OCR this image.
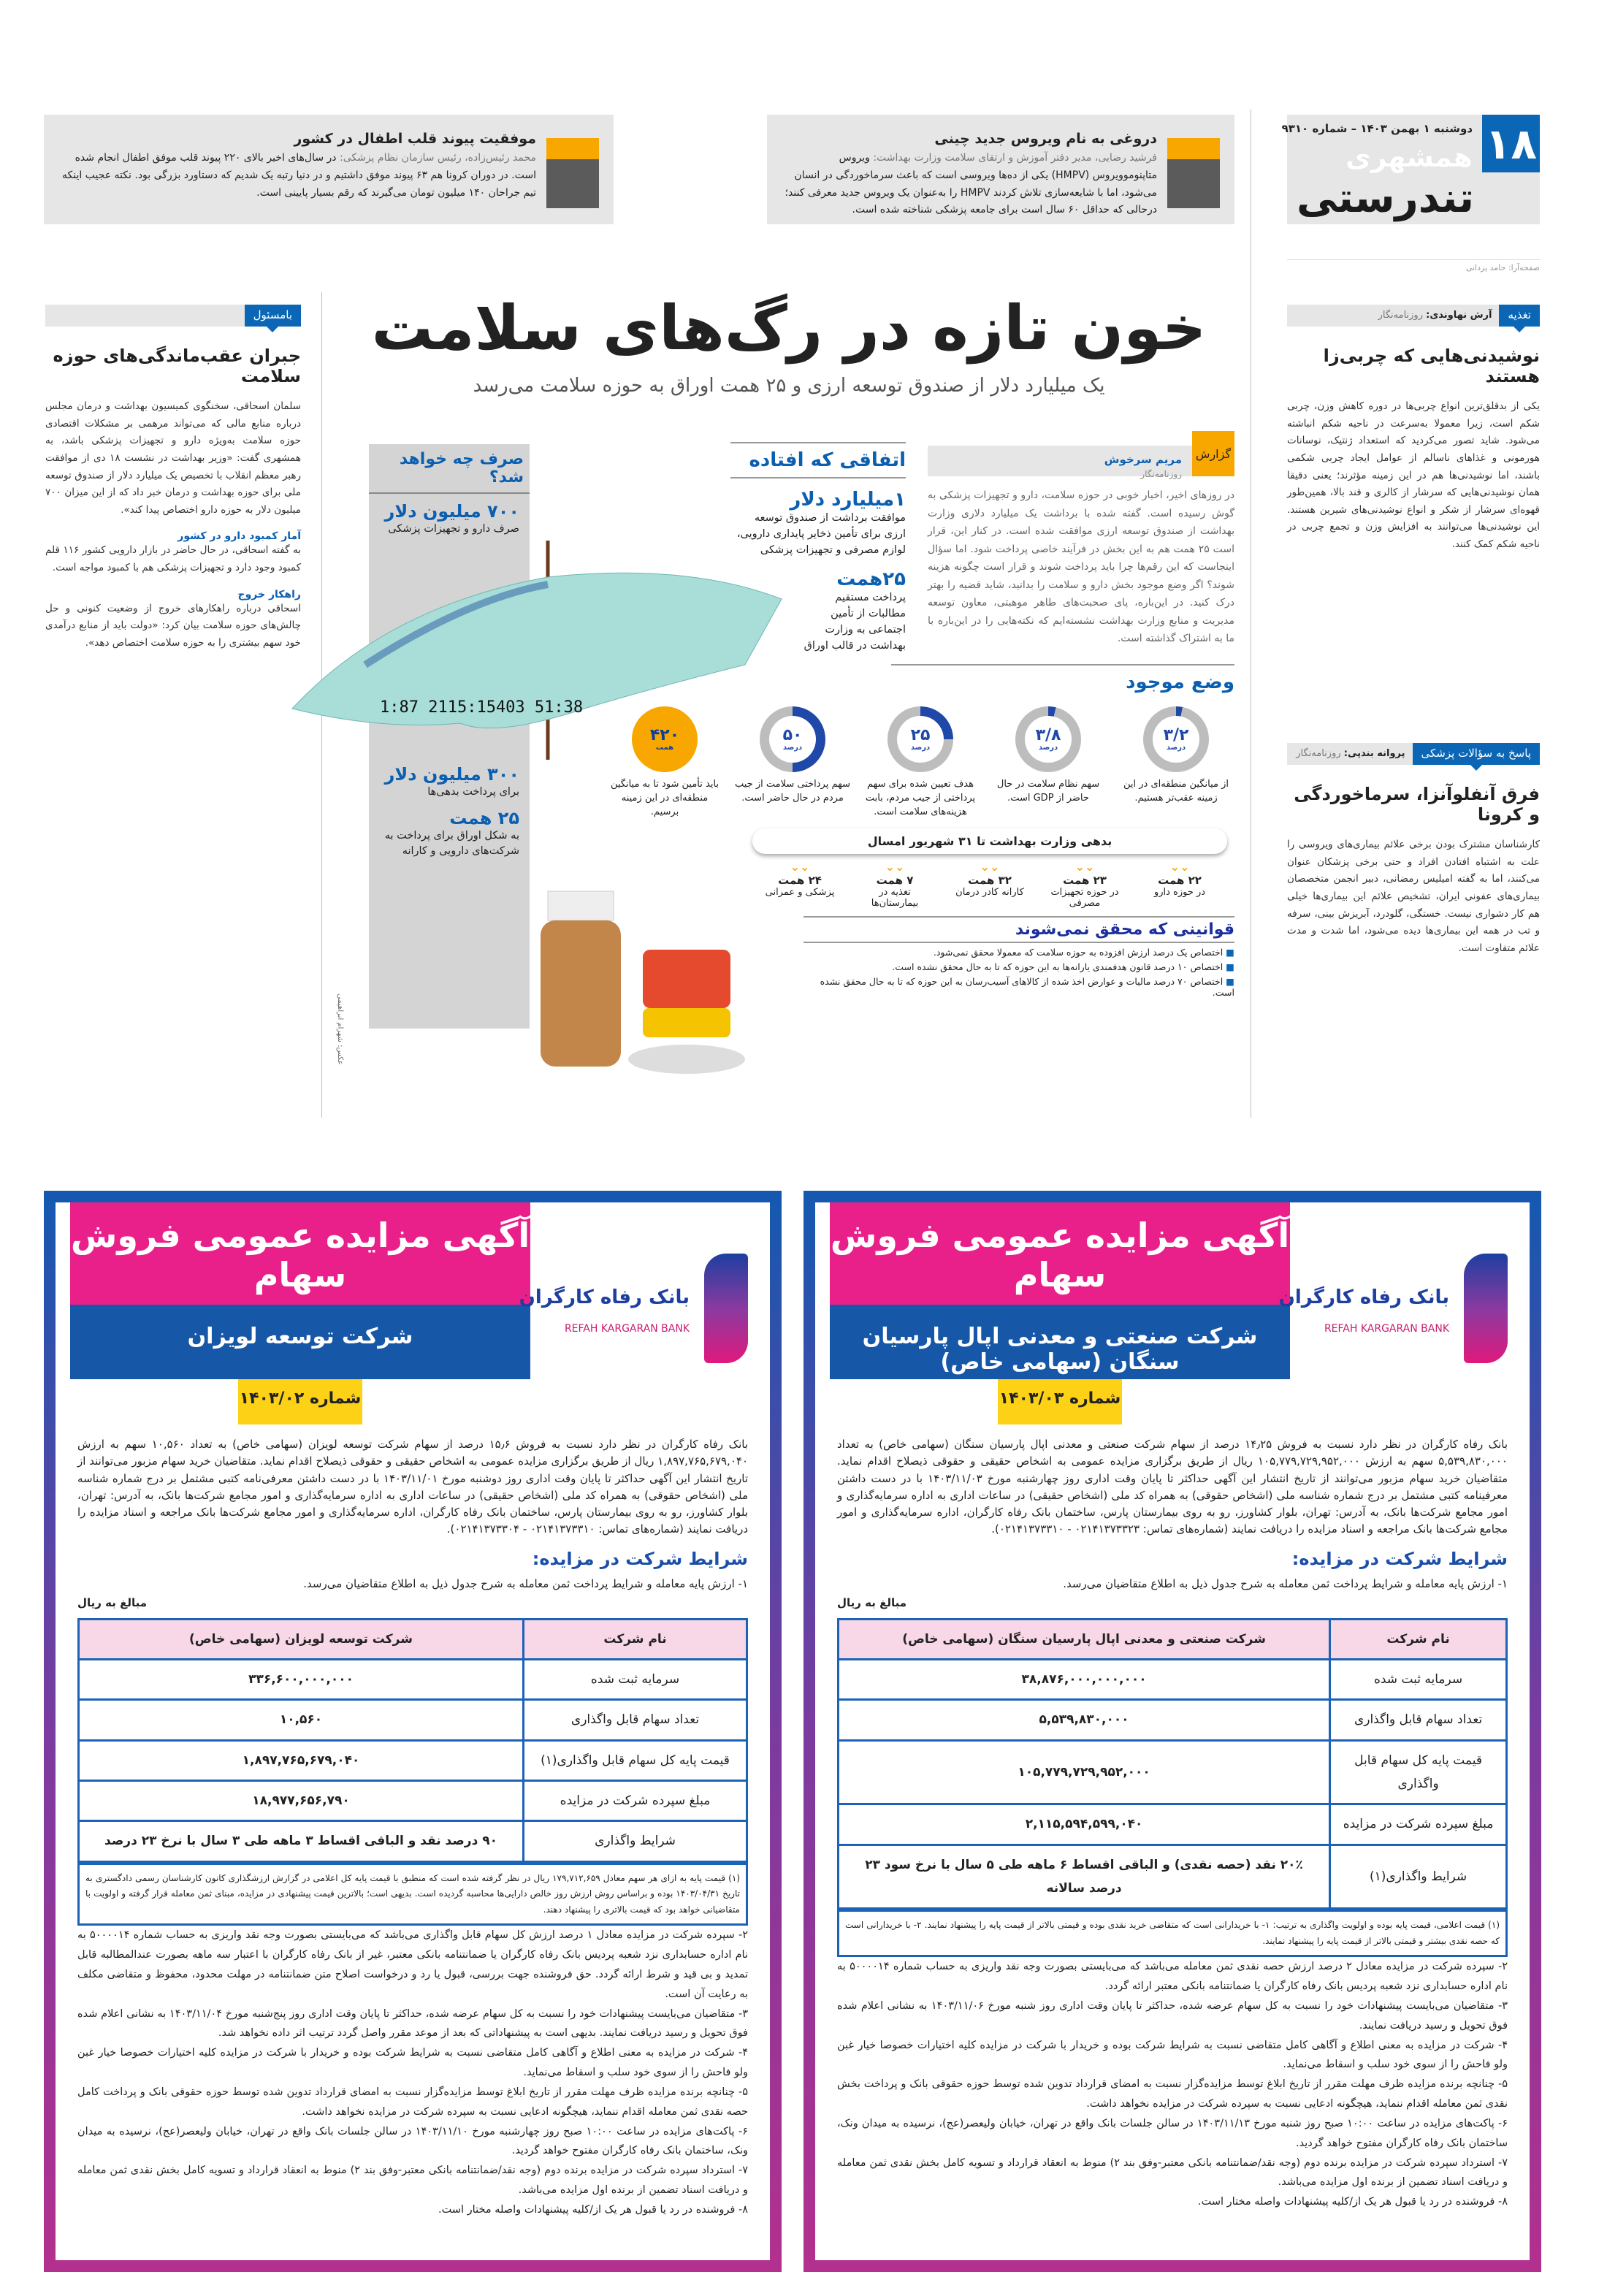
۱۸
دوشنبه ۱ بهمن ۱۴۰۳ – شماره ۹۳۱۰
همشهری
تندرستی
صفحه‌آرا: حامد یزدانی
دروغی به نام ویروس جدید چینی

فرشید رضایی، مدیر دفتر آموزش و ارتقای سلامت وزارت بهداشت: ویروس متاپنوموویروس (HMPV) یکی از ده‌ها ویروسی است که باعث سرماخوردگی در انسان می‌شود، اما با شایعه‌سازی تلاش کردند HMPV را به‌عنوان یک ویروس جدید معرفی کنند؛ درحالی که حداقل ۶۰ سال است برای جامعه پزشکی شناخته شده است.

موفقیت پیوند قلب اطفال در کشور

محمد رئیس‌زاده، رئیس سازمان نظام پزشکی: در سال‌های اخیر بالای ۲۲۰ پیوند قلب موفق اطفال انجام شده است. در دوران کرونا هم ۶۳ پیوند موفق داشتیم و در دنیا رتبه یک شدیم که دستاورد بزرگی بود. نکته عجیب اینکه تیم جراحان ۱۴۰ میلیون تومان می‌گیرند که رقم بسیار پایینی است.

تغذیه
آرش نهاوندی: روزنامه‌نگار
نوشیدنی‌هایی که چربی‌زا هستند
یکی از بدقلق‌ترین انواع چربی‌ها در دوره کاهش وزن، چربی شکم است، زیرا معمولا به‌سرعت در ناحیه شکم انباشته می‌شود. شاید تصور می‌کردید که استعداد ژنتیک، نوسانات هورمونی و غذاهای ناسالم از عوامل ایجاد چربی شکمی باشند، اما نوشیدنی‌ها هم در این زمینه مؤثرند؛ یعنی دقیقا همان نوشیدنی‌هایی که سرشار از کالری و قند بالا، همین‌طور قهوه‌ای سرشار از شکر و انواع نوشیدنی‌های شیرین هستند. این نوشیدنی‌ها می‌توانند به افزایش وزن و تجمع چربی در ناحیه شکم کمک کنند.
پاسخ به سؤالات پزشکی
پروانه بندپی: روزنامه‌نگار
فرق آنفلوآنزا، سرماخوردگی و کرونا
کارشناسان مشترک بودن برخی علائم بیماری‌های ویروسی را علت به اشتباه افتادن افراد و حتی برخی پزشکان عنوان می‌کنند، اما به گفته امیلیس رمضانی، دبیر انجمن متخصصان بیماری‌های عفونی ایران، تشخیص علائم این بیماری‌ها خیلی هم کار دشواری نیست. خستگی، گلودرد، آبریزش بینی، سرفه و تب در همه این بیماری‌ها دیده می‌شود، اما شدت و مدت علائم متفاوت است.
بامسئول
جبران عقب‌ماندگی‌های حوزه سلامت
سلمان اسحاقی، سخنگوی کمیسیون بهداشت و درمان مجلس درباره منابع مالی که می‌تواند مرهمی بر مشکلات اقتصادی حوزه سلامت به‌ویژه دارو و تجهیزات پزشکی باشد، به همشهری گفت: «وزیر بهداشت در نشست ۱۸ دی از موافقت رهبر معظم انقلاب با تخصیص یک میلیارد دلار از صندوق توسعه ملی برای حوزه بهداشت و درمان خبر داد که از این میزان ۷۰۰ میلیون دلار به حوزه دارو اختصاص پیدا کند».
آمار کمبود دارو در کشور
به گفته اسحاقی، در حال حاضر در بازار دارویی کشور ۱۱۶ قلم کمبود وجود دارد و تجهیزات پزشکی هم با کمبود مواجه است.
راهکار خروج
اسحاقی درباره راهکارهای خروج از وضعیت کنونی و حل چالش‌های حوزه سلامت بیان کرد: «دولت باید از منابع درآمدی خود سهم بیشتری را به حوزه سلامت اختصاص دهد».
خون تازه در رگ‌های سلامت
یک میلیارد دلار از صندوق توسعه ارزی و ۲۵ همت اوراق به حوزه سلامت می‌رسد
صرف چه خواهد شد؟
۷۰۰ میلیون دلار
صرف دارو و تجهیزات پزشکی
۳۰۰ میلیون دلار
برای پرداخت بدهی‌ها
۲۵ همت
به شکل اوراق برای پرداخت به شرکت‌های دارویی و کارانه
1:87 2115:15403 51:38
عکس: شهرام ابراهیمی
گزارش
مریم سرخوش
روزنامه‌نگار

در روزهای اخیر، اخبار خوبی در حوزه سلامت، دارو و تجهیزات پزشکی به گوش رسیده است. گفته شده با برداشت یک میلیارد دلاری وزارت بهداشت از صندوق توسعه ارزی موافقت شده است. در کنار این، قرار است ۲۵ همت هم به این بخش در فرآیند خاصی پرداخت شود. اما سؤال اینجاست که این رقم‌ها چرا باید پرداخت شوند و قرار است چگونه هزینه شوند؟ اگر وضع موجود بخش دارو و سلامت را بدانید، شاید قضیه را بهتر درک کنید. در این‌باره، پای صحبت‌های طاهر موهبتی، معاون توسعه مدیریت و منابع وزارت بهداشت نشسته‌ایم که نکته‌هایی را در این‌باره با ما به اشتراک گذاشته است.

اتفاقی که افتاده
۱میلیارد دلار
موافقت برداشت از صندوق توسعه ارزی برای تأمین ذخایر پایداری دارویی، لوازم مصرفی و تجهیزات پزشکی
۲۵همت
پرداخت مستقیم مطالبات از تأمین اجتماعی به وزارت بهداشت در قالب اوراق
وضع موجود
۳/۲
درصد
از میانگین منطقه‌ای در این زمینه عقب‌تر هستیم.
۳/۸
درصد
سهم نظام سلامت در حال حاضر از GDP است.
۲۵
درصد
هدف تعیین شده برای سهم پرداختی از جیب مردم، بابت هزینه‌های سلامت است.
۵۰
درصد
سهم پرداختی سلامت از جیب مردم در حال حاضر است.
۴۲۰
همت
باید تأمین شود تا به میانگین منطقه‌ای در این زمینه برسیم.
بدهی وزارت بهداشت تا ۳۱ شهریور امسال
⌄⌄
۲۲ همت
در حوزه دارو
⌄⌄
۲۳ همت
در حوزه تجهیزات مصرفی
⌄⌄
۳۲ همت
کارانه کادر درمان
⌄⌄
۷ همت
تغذیه در بیمارستان‌ها
⌄⌄
۲۴ همت
پزشکی و عمرانی
قوانینی که محقق نمی‌شوند
■ اختصاص یک درصد ارزش افزوده به حوزه سلامت که معمولا محقق نمی‌شود.
■ اختصاص ۱۰ درصد قانون هدفمندی یارانه‌ها به این حوزه که تا به حال محقق نشده است.
■ اختصاص ۷۰ درصد مالیات و عوارض اخذ شده از کالاهای آسیب‌رسان به این حوزه که تا به حال محقق نشده است.
آگهی مزایده عمومی فروش سهام
شرکت صنعتی و معدنی اپال پارسیان سنگان (سهامی خاص)
شماره ۱۴۰۳/۰۳
بانک رفاه کارگران
REFAH KARGARAN BANK

بانک رفاه کارگران در نظر دارد نسبت به فروش ۱۴٫۲۵ درصد از سهام شرکت صنعتی و معدنی اپال پارسیان سنگان (سهامی خاص) به تعداد ۵,۵۳۹,۸۳۰,۰۰۰ سهم به ارزش ۱۰۵,۷۷۹,۷۲۹,۹۵۲,۰۰۰ ریال از طریق برگزاری مزایده عمومی به اشخاص حقیقی و حقوقی ذیصلاح اقدام نماید. متقاضیان خرید سهام مزبور می‌توانند از تاریخ انتشار این آگهی حداکثر تا پایان وقت اداری روز چهارشنبه مورخ ۱۴۰۳/۱۱/۰۳ با در دست داشتن معرفینامه کتبی مشتمل بر درج شماره شناسه ملی (اشخاص حقوقی) به همراه کد ملی (اشخاص حقیقی) در ساعات اداری به اداره سرمایه‌گذاری و امور مجامع شرکت‌ها بانک، به آدرس: تهران، بلوار کشاورز، رو به روی بیمارستان پارس، ساختمان بانک رفاه کارگران، اداره سرمایه‌گذاری و امور مجامع شرکت‌ها بانک مراجعه و اسناد مزایده را دریافت نمایند (شماره‌های تماس: ۰۲۱۴۱۳۷۳۳۲۳ - ۰۲۱۴۱۳۷۳۳۱۰).

شرایط شرکت در مزایده:

۱- ارزش پایه معامله و شرایط پرداخت ثمن معامله به شرح جدول ذیل به اطلاع متقاضیان می‌رسد.

مبالغ به ریال
نام شرکت	شرکت صنعتی و معدنی اپال پارسیان سنگان (سهامی خاص)
سرمایه ثبت شده	۳۸,۸۷۶,۰۰۰,۰۰۰,۰۰۰
تعداد سهام قابل واگذاری	۵,۵۳۹,۸۳۰,۰۰۰
قیمت پایه کل سهام قابل واگذاری	۱۰۵,۷۷۹,۷۲۹,۹۵۲,۰۰۰
مبلغ سپرده شرکت در مزایده	۲,۱۱۵,۵۹۴,۵۹۹,۰۴۰
شرایط واگذاری(۱)	۲۰٪ نقد (حصه نقدی) و الباقی اقساط ۶ ماهه طی ۵ سال با نرخ سود ۲۳ درصد سالانه
(۱) قیمت اعلامی، قیمت پایه بوده و اولویت واگذاری به ترتیب: ۱- با خریدارانی است که متقاضی خرید نقدی بوده و قیمتی بالاتر از قیمت پایه را پیشنهاد نمایند. ۲- با خریدارانی است که حصه نقدی بیشتر و قیمتی بالاتر از قیمت پایه را پیشنهاد نمایند.

۲- سپرده شرکت در مزایده معادل ۲ درصد ارزش حصه نقدی ثمن معامله می‌باشد که می‌بایستی بصورت وجه نقد واریزی به حساب شماره ۵۰۰۰۰۱۴ به نام اداره حسابداری نزد شعبه پردیس بانک رفاه کارگران یا ضمانتنامه بانکی معتبر ارائه گردد.

۳- متقاضیان می‌بایست پیشنهادات خود را نسبت به کل سهام عرضه شده، حداکثر تا پایان وقت اداری روز شنبه مورخ ۱۴۰۳/۱۱/۰۶ به نشانی اعلام شده فوق تحویل و رسید دریافت نمایند.

۴- شرکت در مزایده به معنی اطلاع و آگاهی کامل متقاضی نسبت به شرایط شرکت بوده و خریدار با شرکت در مزایده کلیه اختیارات خصوصا خیار غبن ولو فاحش را از سوی خود سلب و اسقاط می‌نماید.

۵- چنانچه برنده مزایده ظرف مهلت مقرر از تاریخ ابلاغ توسط مزایده‌گزار نسبت به امضای قرارداد تدوین شده توسط حوزه حقوقی بانک و پرداخت بخش نقدی ثمن معامله اقدام ننماید، هیچگونه ادعایی نسبت به سپرده شرکت در مزایده نخواهد داشت.

۶- پاکت‌های مزایده در ساعت ۱۰:۰۰ صبح روز شنبه مورخ ۱۴۰۳/۱۱/۱۳ در سالن جلسات بانک واقع در تهران، خیابان ولیعصر(عج)، نرسیده به میدان ونک، ساختمان بانک رفاه کارگران مفتوح خواهد گردید.

۷- استرداد سپرده شرکت در مزایده برنده دوم (وجه نقد/ضمانتنامه بانکی معتبر-وفق بند ۲) منوط به انعقاد قرارداد و تسویه کامل بخش نقدی ثمن معامله و دریافت اسناد تضمین از برنده اول مزایده می‌باشد.

۸- فروشنده در رد یا قبول هر یک از/کلیه پیشنهادات واصله مختار است.

آگهی مزایده عمومی فروش سهام
شرکت توسعه لویزان
شماره ۱۴۰۳/۰۲
بانک رفاه کارگران
REFAH KARGARAN BANK

بانک رفاه کارگران در نظر دارد نسبت به فروش ۱۵٫۶ درصد از سهام شرکت توسعه لویزان (سهامی خاص) به تعداد ۱۰,۵۶۰ سهم به ارزش ۱,۸۹۷,۷۶۵,۶۷۹,۰۴۰ ریال از طریق برگزاری مزایده عمومی به اشخاص حقیقی و حقوقی ذیصلاح اقدام نماید. متقاضیان خرید سهام مزبور می‌توانند از تاریخ انتشار این آگهی حداکثر تا پایان وقت اداری روز دوشنبه مورخ ۱۴۰۳/۱۱/۰۱ با در دست داشتن معرفی‌نامه کتبی مشتمل بر درج شماره شناسه ملی (اشخاص حقوقی) به همراه کد ملی (اشخاص حقیقی) در ساعات اداری به اداره سرمایه‌گذاری و امور مجامع شرکت‌ها بانک، به آدرس: تهران، بلوار کشاورز، رو به روی بیمارستان پارس، ساختمان بانک رفاه کارگران، اداره سرمایه‌گذاری و امور مجامع شرکت‌ها بانک مراجعه و اسناد مزایده را دریافت نمایند (شماره‌های تماس: ۰۲۱۴۱۳۷۳۳۱۰ - ۰۲۱۴۱۳۷۳۳۰۴).

شرایط شرکت در مزایده:

۱- ارزش پایه معامله و شرایط پرداخت ثمن معامله به شرح جدول ذیل به اطلاع متقاضیان می‌رسد.

مبالغ به ریال
نام شرکت	شرکت توسعه لویزان (سهامی خاص)
سرمایه ثبت شده	۳۳۶,۶۰۰,۰۰۰,۰۰۰
تعداد سهام قابل واگذاری	۱۰,۵۶۰
قیمت پایه کل سهام قابل واگذاری(۱)	۱,۸۹۷,۷۶۵,۶۷۹,۰۴۰
مبلغ سپرده شرکت در مزایده	۱۸,۹۷۷,۶۵۶,۷۹۰
شرایط واگذاری	۹۰ درصد نقد و الباقی اقساط ۳ ماهه طی ۳ سال با نرخ ۲۳ درصد
(۱) قیمت پایه به ازای هر سهم معادل ۱۷۹,۷۱۲,۶۵۹ ریال در نظر گرفته شده است که منطبق با قیمت پایه کل اعلامی در گزارش ارزشگذاری کانون کارشناسان رسمی دادگستری به تاریخ ۱۴۰۳/۰۴/۳۱ بوده و براساس روش ارزش روز خالص دارایی‌ها محاسبه گردیده است. بدیهی است؛ بالاترین قیمت پیشنهادی در مزایده، مبنای ثمن معامله قرار گرفته و اولویت با متقاضیانی خواهد بود که قیمت بالاتری را پیشنهاد دهند.

۲- سپرده شرکت در مزایده معادل ۱ درصد ارزش کل سهام قابل واگذاری می‌باشد که می‌بایستی بصورت وجه نقد واریزی به حساب شماره ۵۰۰۰۰۱۴ به نام اداره حسابداری نزد شعبه پردیس بانک رفاه کارگران یا ضمانتنامه بانکی معتبر، غیر از بانک رفاه کارگران با اعتبار سه ماهه بصورت عندالمطالبه قابل تمدید و بی قید و شرط ارائه گردد. حق فروشنده جهت بررسی، قبول یا رد و درخواست اصلاح متن ضمانتنامه در مهلت محدود، محفوظ و متقاضی مکلف به رعایت آن است.

۳- متقاضیان می‌بایست پیشنهادات خود را نسبت به کل سهام عرضه شده، حداکثر تا پایان وقت اداری روز پنج‌شنبه مورخ ۱۴۰۳/۱۱/۰۴ به نشانی اعلام شده فوق تحویل و رسید دریافت نمایند. بدیهی است به پیشنهاداتی که بعد از موعد مقرر واصل گردد ترتیب اثر داده نخواهد شد.

۴- شرکت در مزایده به معنی اطلاع و آگاهی کامل متقاضی نسبت به شرایط شرکت بوده و خریدار با شرکت در مزایده کلیه اختیارات خصوصا خیار غبن ولو فاحش را از سوی خود سلب و اسقاط می‌نماید.

۵- چنانچه برنده مزایده ظرف مهلت مقرر از تاریخ ابلاغ توسط مزایده‌گزار نسبت به امضای قرارداد تدوین شده توسط حوزه حقوقی بانک و پرداخت کامل حصه نقدی ثمن معامله اقدام ننماید، هیچگونه ادعایی نسبت به سپرده شرکت در مزایده نخواهد داشت.

۶- پاکت‌های مزایده در ساعت ۱۰:۰۰ صبح روز چهارشنبه مورخ ۱۴۰۳/۱۱/۱۰ در سالن جلسات بانک واقع در تهران، خیابان ولیعصر(عج)، نرسیده به میدان ونک، ساختمان بانک رفاه کارگران مفتوح خواهد گردید.

۷- استرداد سپرده شرکت در مزایده برنده دوم (وجه نقد/ضمانتنامه بانکی معتبر-وفق بند ۲) منوط به انعقاد قرارداد و تسویه کامل بخش نقدی ثمن معامله و دریافت اسناد تضمین از برنده اول مزایده می‌باشد.

۸- فروشنده در رد یا قبول هر یک از/کلیه پیشنهادات واصله مختار است.
